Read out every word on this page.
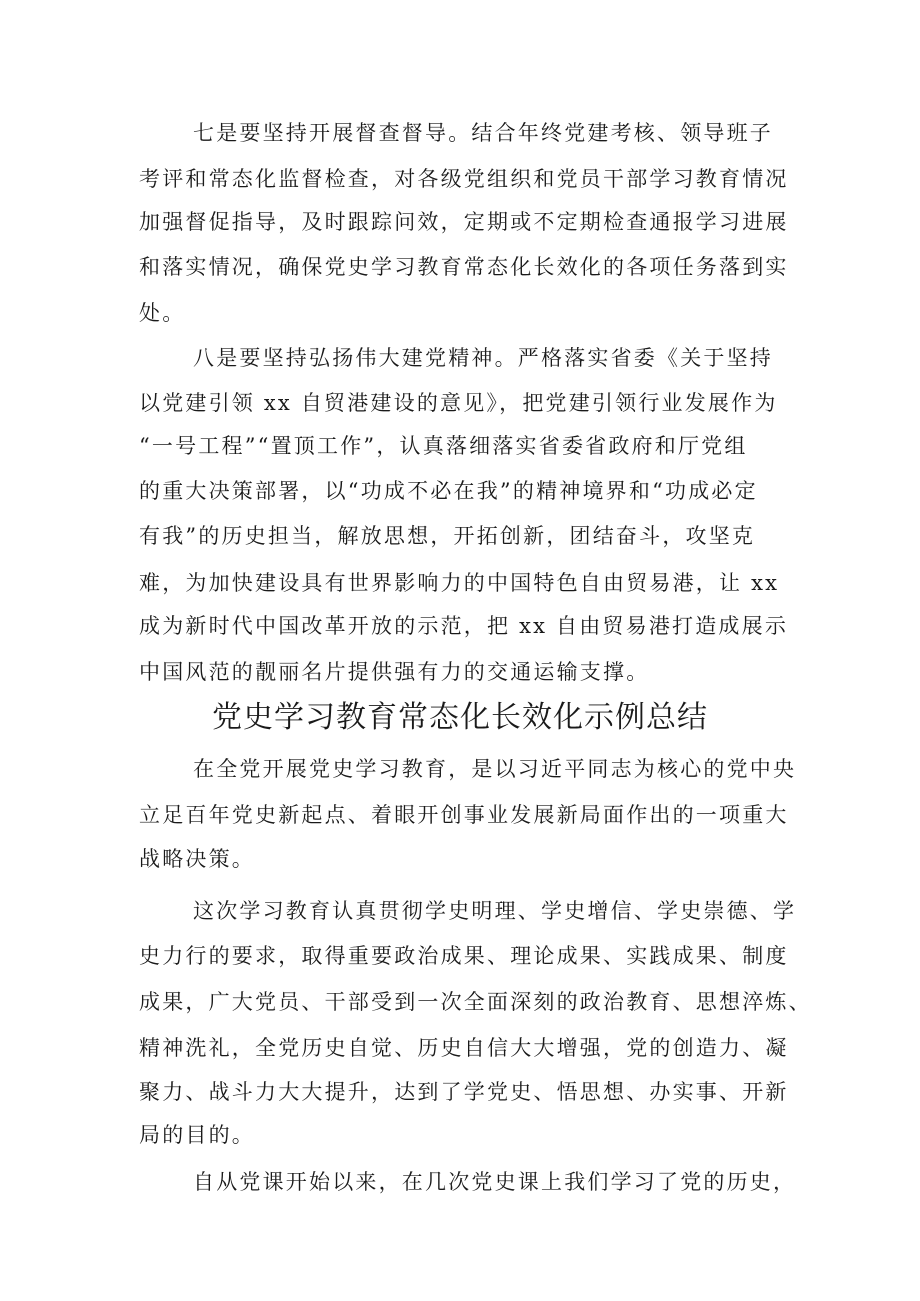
七是要坚持开展督查督导。结合年终党建考核、领导班子
考评和常态化监督检查，对各级党组织和党员干部学习教育情况
加强督促指导，及时跟踪问效，定期或不定期检查通报学习进展
和落实情况，确保党史学习教育常态化长效化的各项任务落到实
处。
八是要坚持弘扬伟大建党精神。严格落实省委《关于坚持
以党建引领 xx 自贸港建设的意见》，把党建引领行业发展作为
“一号工程”“置顶工作”，认真落细落实省委省政府和厅党组
的重大决策部署，以“功成不必在我”的精神境界和“功成必定
有我”的历史担当，解放思想，开拓创新，团结奋斗，攻坚克
难，为加快建设具有世界影响力的中国特色自由贸易港，让 xx
成为新时代中国改革开放的示范，把 xx 自由贸易港打造成展示
中国风范的靓丽名片提供强有力的交通运输支撑。
党史学习教育常态化长效化示例总结
在全党开展党史学习教育，是以习近平同志为核心的党中央
立足百年党史新起点、着眼开创事业发展新局面作出的一项重大
战略决策。
这次学习教育认真贯彻学史明理、学史增信、学史崇德、学
史力行的要求，取得重要政治成果、理论成果、实践成果、制度
成果，广大党员、干部受到一次全面深刻的政治教育、思想淬炼、
精神洗礼，全党历史自觉、历史自信大大增强，党的创造力、凝
聚力、战斗力大大提升，达到了学党史、悟思想、办实事、开新
局的目的。
自从党课开始以来，在几次党史课上我们学习了党的历史，
